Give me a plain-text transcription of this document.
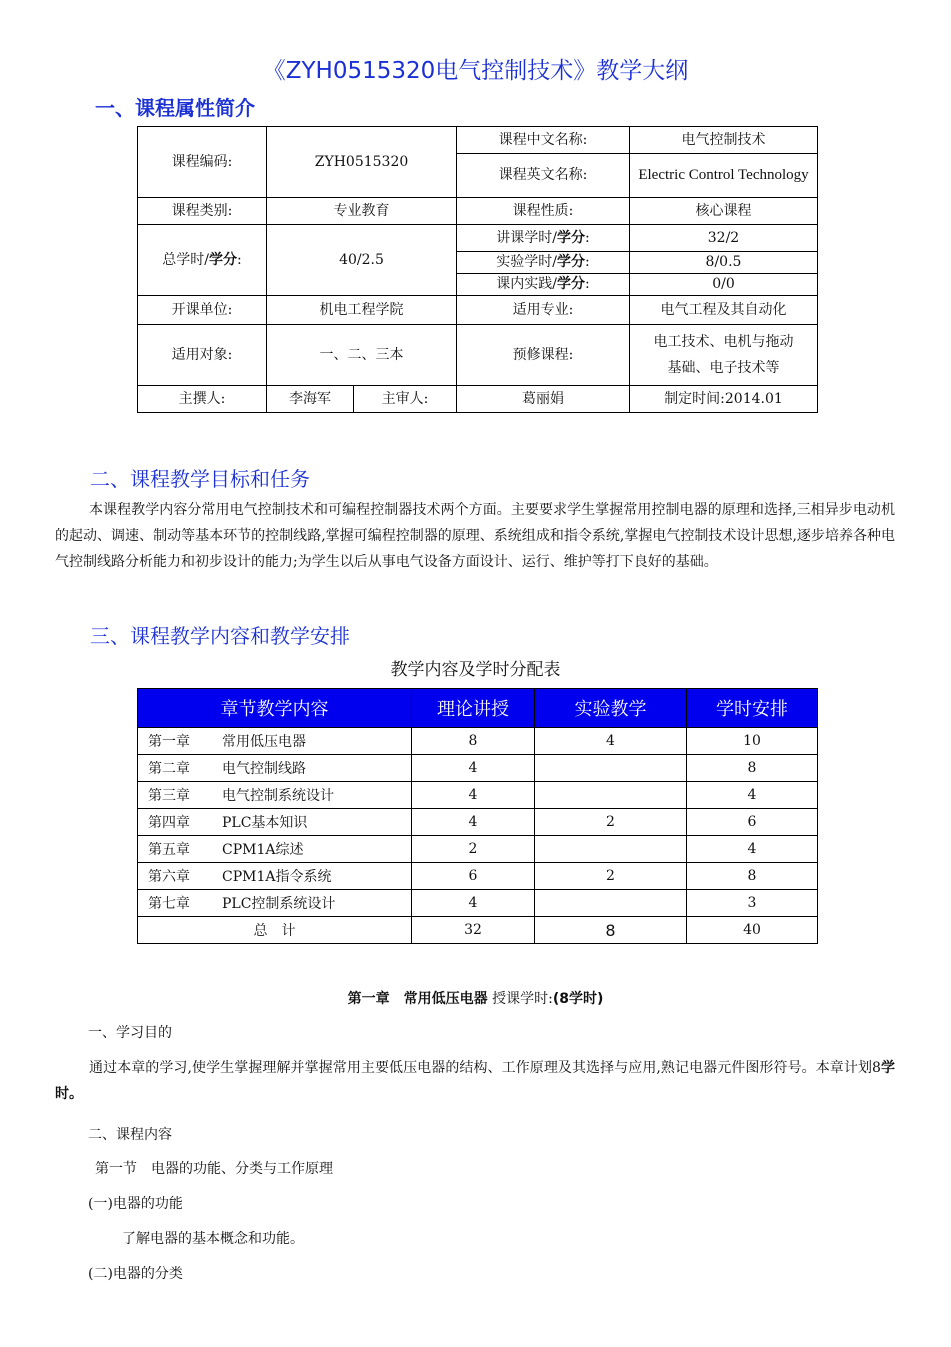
《ZYH0515320电气控制技术》教学大纲
一、课程属性简介
课程编码:	ZYH0515320		课程中文名称:	电气控制技术
			课程英文名称:	Electric Control Technology
课程类别:	专业教育		课程性质:	核心课程
总学时/学分:	40/2.5		讲课学时/学分:	32/2
			实验学时/学分:	8/0.5
			课内实践/学分:	0/0
开课单位:	机电工程学院		适用专业:	电气工程及其自动化
适用对象:	一、二、三本		预修课程:	电工技术、电机与拖动
基础、电子技术等

主撰人:	李海军	主审人:	葛丽娟	制定时间:2014.01
二、课程教学目标和任务
本课程教学内容分常用电气控制技术和可编程控制器技术两个方面。主要要求学生掌握常用控制电器的原理和选择,三相异步电动机的起动、调速、制动等基本环节的控制线路,掌握可编程控制器的原理、系统组成和指令系统,掌握电气控制技术设计思想,逐步培养各种电气控制线路分析能力和初步设计的能力;为学生以后从事电气设备方面设计、运行、维护等打下良好的基础。
三、课程教学内容和教学安排
教学内容及学时分配表
章节教学内容	理论讲授	实验教学	学时安排
第一章 常用低压电器	8	4	10
第二章 电气控制线路	4		8
第三章 电气控制系统设计	4		4
第四章 PLC基本知识	4	2	6
第五章 CPM1A综述	2		4
第六章 CPM1A指令系统	6	2	8
第七章 PLC控制系统设计	4		3
总　计	32	8	40
第一章　常用低压电器 授课学时:(8学时)
一、学习目的
通过本章的学习,使学生掌握理解并掌握常用主要低压电器的结构、工作原理及其选择与应用,熟记电器元件图形符号。本章计划8学时。
二、课程内容
第一节　电器的功能、分类与工作原理
(一)电器的功能
了解电器的基本概念和功能。
(二)电器的分类
